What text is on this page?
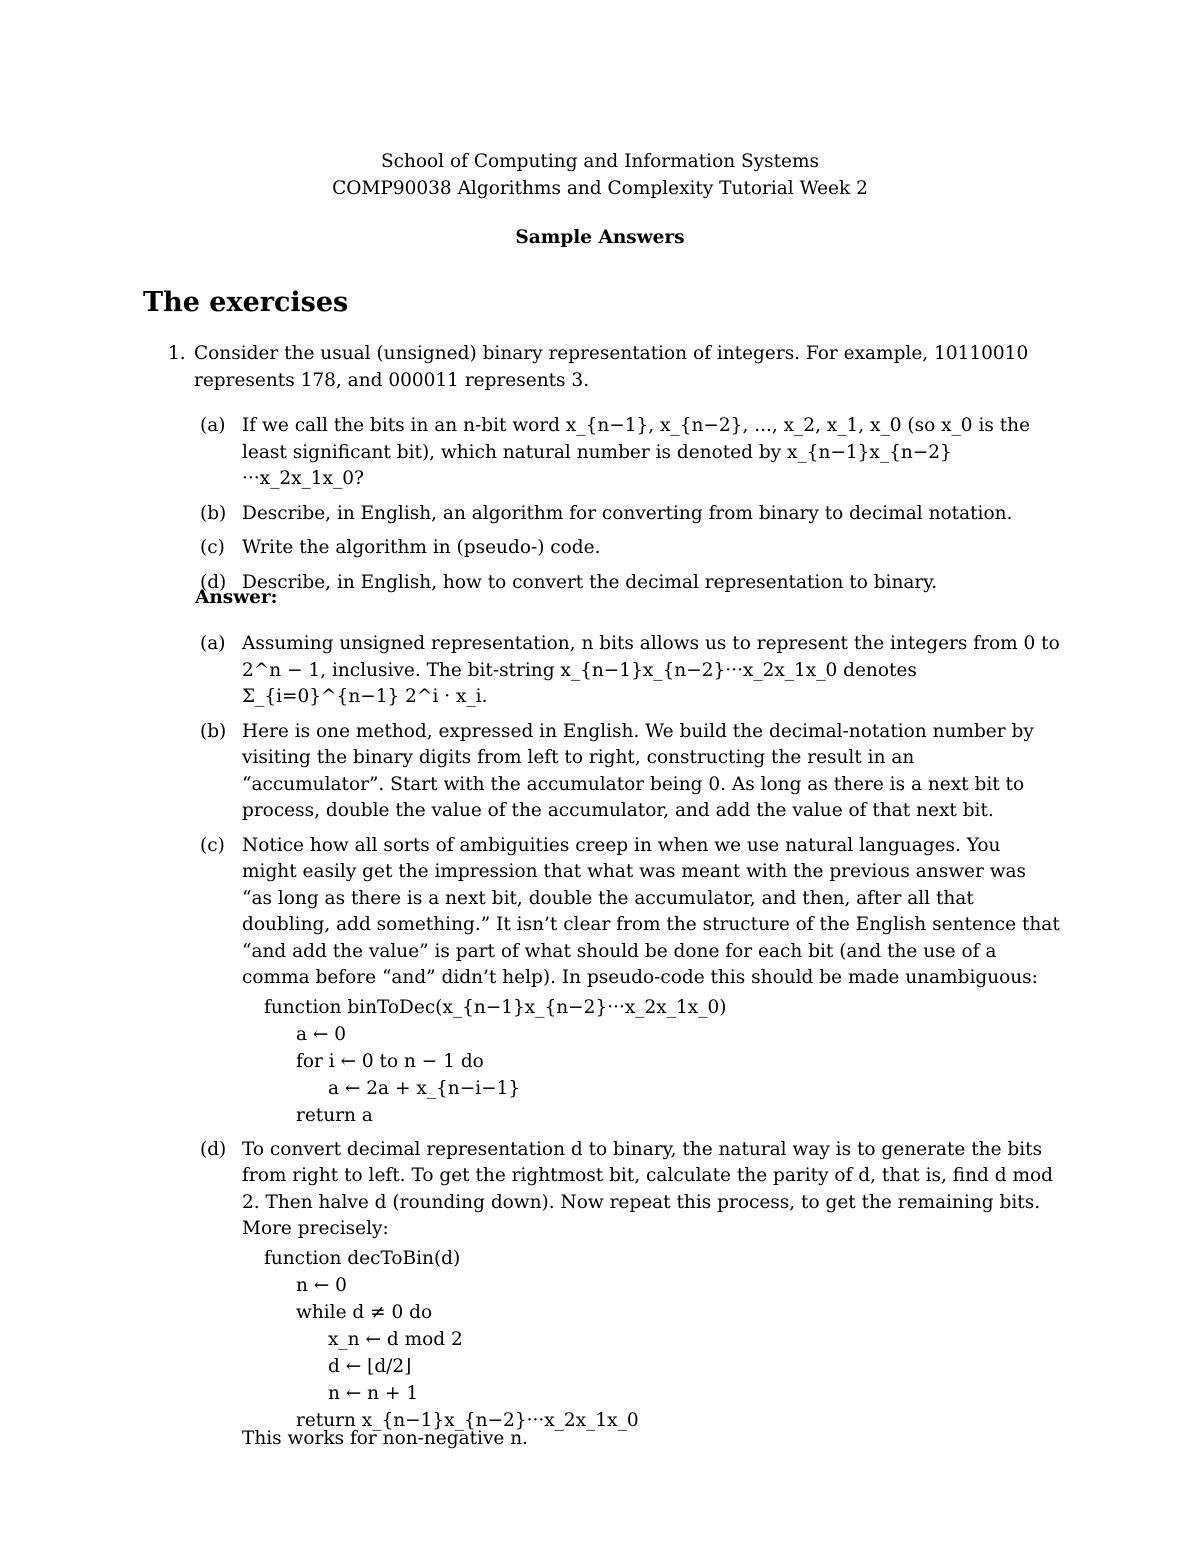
School of Computing and Information Systems
COMP90038 Algorithms and Complexity Tutorial Week 2
Sample Answers
The exercises
1. Consider the usual (unsigned) binary representation of integers. For example, 10110010
represents 178, and 000011 represents 3.
(a) If we call the bits in an n-bit word x_{n−1}, x_{n−2}, ..., x_2, x_1, x_0 (so x_0 is the least significant bit), which natural number is denoted by x_{n−1}x_{n−2}···x_2x_1x_0?
(b) Describe, in English, an algorithm for converting from binary to decimal notation.
(c) Write the algorithm in (pseudo-) code.
(d) Describe, in English, how to convert the decimal representation to binary.
Answer:
(a) Assuming unsigned representation, n bits allows us to represent the integers from 0 to 2^n − 1, inclusive. The bit-string x_{n−1}x_{n−2}···x_2x_1x_0 denotes Σ_{i=0}^{n−1} 2^i · x_i.
(b) Here is one method, expressed in English. We build the decimal-notation number by visiting the binary digits from left to right, constructing the result in an “accumulator”. Start with the accumulator being 0. As long as there is a next bit to process, double the value of the accumulator, and add the value of that next bit.
(c) Notice how all sorts of ambiguities creep in when we use natural languages. You might easily get the impression that what was meant with the previous answer was “as long as there is a next bit, double the accumulator, and then, after all that doubling, add something.” It isn’t clear from the structure of the English sentence that “and add the value” is part of what should be done for each bit (and the use of a comma before “and” didn’t help). In pseudo-code this should be made unambiguous:
function binToDec(x_{n−1}x_{n−2}···x_2x_1x_0)
a ← 0
for i ← 0 to n − 1 do
a ← 2a + x_{n−i−1}
return a
(d) To convert decimal representation d to binary, the natural way is to generate the bits from right to left. To get the rightmost bit, calculate the parity of d, that is, find d mod 2. Then halve d (rounding down). Now repeat this process, to get the remaining bits. More precisely:
function decToBin(d)
n ← 0
while d ≠ 0 do
x_n ← d mod 2
d ← ⌊d/2⌋
n ← n + 1
return x_{n−1}x_{n−2}···x_2x_1x_0
This works for non-negative n.
